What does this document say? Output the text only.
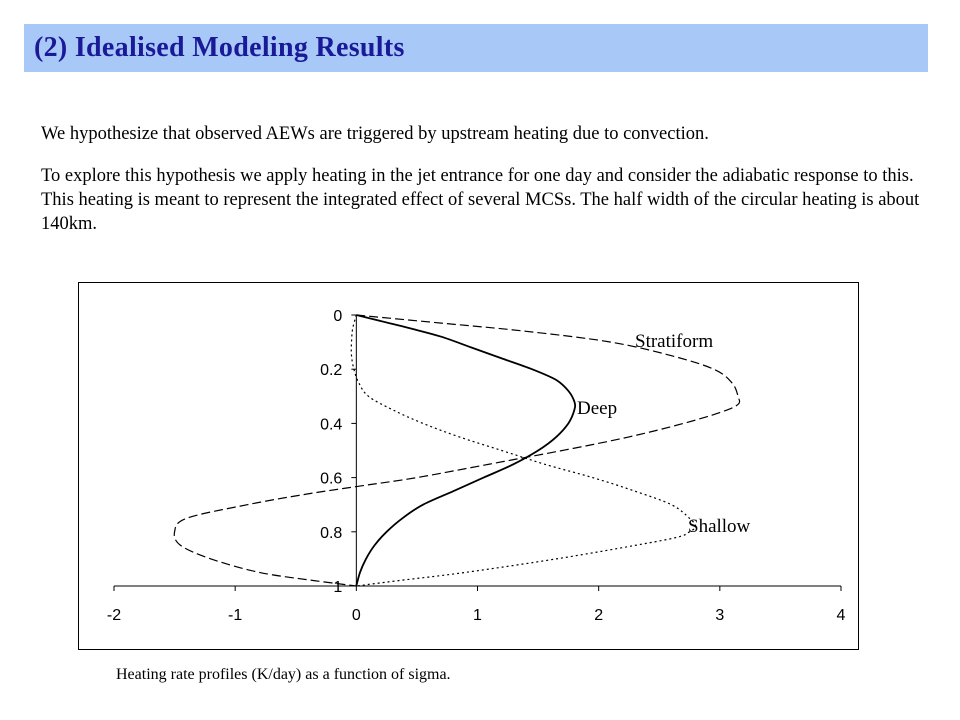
(2) Idealised Modeling Results
We hypothesize that observed AEWs are triggered by upstream heating due to convection.
To explore this hypothesis we apply heating in the jet entrance for one day and consider the adiabatic response to this. This heating is meant to represent the integrated effect of several MCSs. The half width of the circular heating is about 140km.
-2	-1	0	1	2	3	4
0
0.2
0.4
0.6
0.8
1
Stratiform
Deep
Shallow
Heating rate profiles (K/day) as a function of sigma.
